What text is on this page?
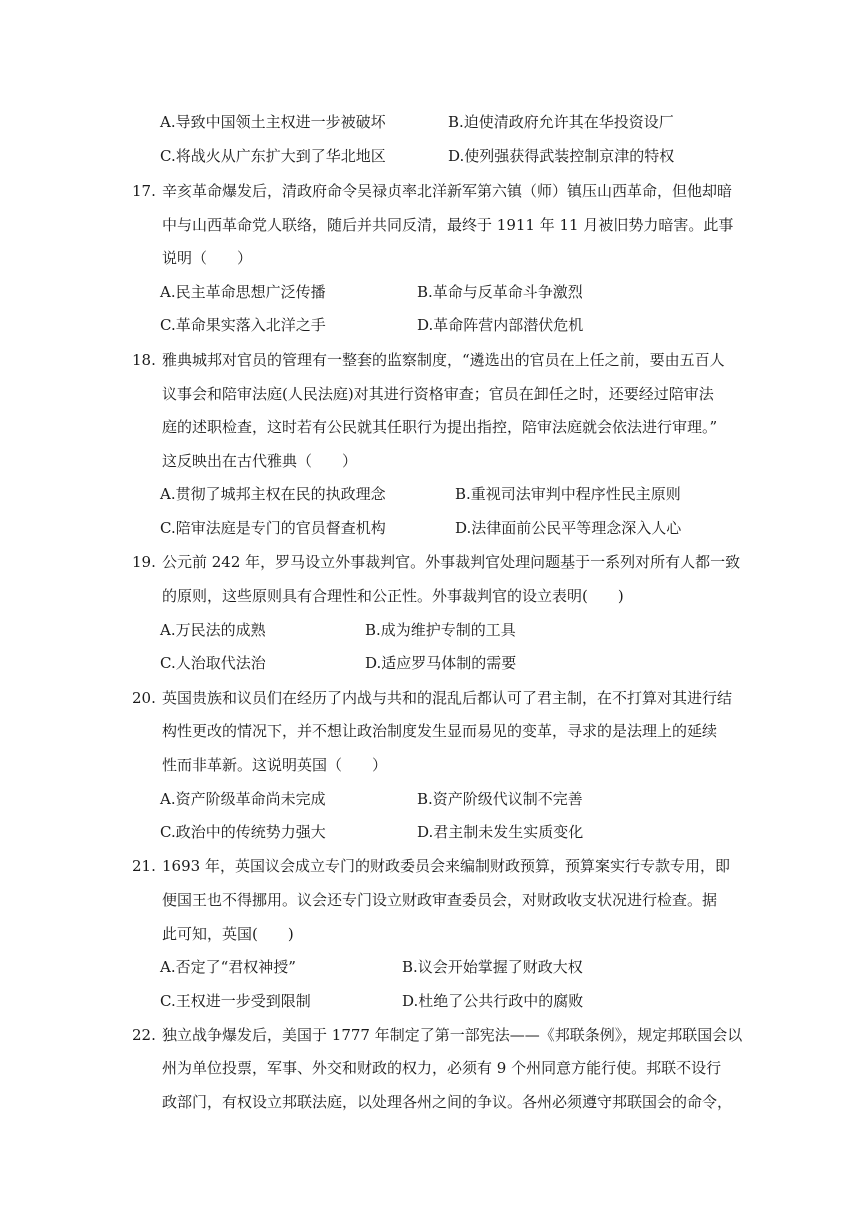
A.导致中国领土主权进一步被破坏	B.迫使清政府允许其在华投资设厂
C.将战火从广东扩大到了华北地区	D.使列强获得武装控制京津的特权
17. 辛亥革命爆发后，清政府命令吴禄贞率北洋新军第六镇（师）镇压山西革命，但他却暗
中与山西革命党人联络，随后并共同反清，最终于 1911 年 11 月被旧势力暗害。此事
说明（　　）
A.民主革命思想广泛传播	B.革命与反革命斗争激烈
C.革命果实落入北洋之手	D.革命阵营内部潜伏危机
18. 雅典城邦对官员的管理有一整套的监察制度，“遴选出的官员在上任之前，要由五百人
议事会和陪审法庭(人民法庭)对其进行资格审查；官员在卸任之时，还要经过陪审法
庭的述职检查，这时若有公民就其任职行为提出指控，陪审法庭就会依法进行审理。”
这反映出在古代雅典（　　）
A.贯彻了城邦主权在民的执政理念	B.重视司法审判中程序性民主原则
C.陪审法庭是专门的官员督查机构	D.法律面前公民平等理念深入人心
19. 公元前 242 年，罗马设立外事裁判官。外事裁判官处理问题基于一系列对所有人都一致
的原则，这些原则具有合理性和公正性。外事裁判官的设立表明(　　)
A.万民法的成熟	B.成为维护专制的工具
C.人治取代法治	D.适应罗马体制的需要
20. 英国贵族和议员们在经历了内战与共和的混乱后都认可了君主制，在不打算对其进行结
构性更改的情况下，并不想让政治制度发生显而易见的变革，寻求的是法理上的延续
性而非革新。这说明英国（　　）
A.资产阶级革命尚未完成	B.资产阶级代议制不完善
C.政治中的传统势力强大	D.君主制未发生实质变化
21. 1693 年，英国议会成立专门的财政委员会来编制财政预算，预算案实行专款专用，即
便国王也不得挪用。议会还专门设立财政审查委员会，对财政收支状况进行检查。据
此可知，英国(　　)
A.否定了“君权神授”	B.议会开始掌握了财政大权
C.王权进一步受到限制	D.杜绝了公共行政中的腐败
22. 独立战争爆发后，美国于 1777 年制定了第一部宪法——《邦联条例》，规定邦联国会以
州为单位投票，军事、外交和财政的权力，必须有 9 个州同意方能行使。邦联不设行
政部门，有权设立邦联法庭，以处理各州之间的争议。各州必须遵守邦联国会的命令，
